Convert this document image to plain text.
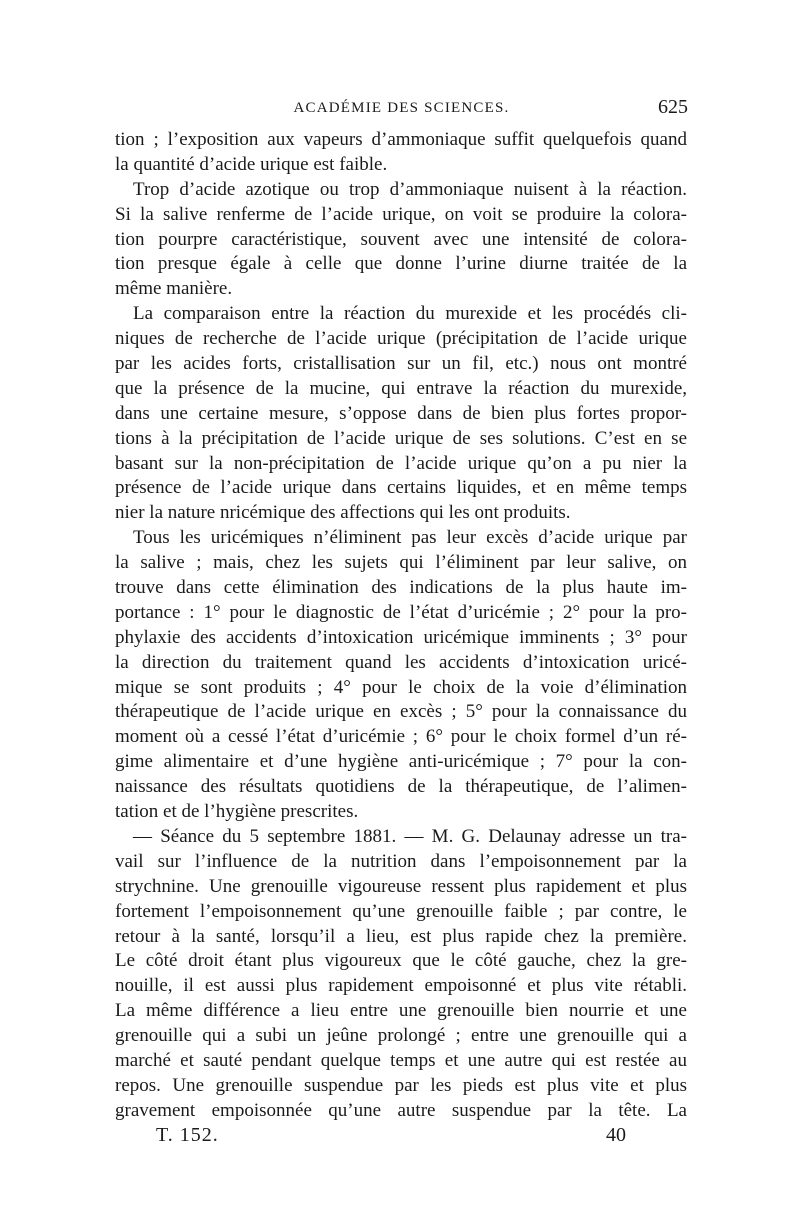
ACADÉMIE DES SCIENCES.	625
tion ; l’exposition aux vapeurs d’ammoniaque suffit quelquefois quand
la quantité d’acide urique est faible.
Trop d’acide azotique ou trop d’ammoniaque nuisent à la réaction.
Si la salive renferme de l’acide urique, on voit se produire la colora-
tion pourpre caractéristique, souvent avec une intensité de colora-
tion presque égale à celle que donne l’urine diurne traitée de la
même manière.
La comparaison entre la réaction du murexide et les procédés cli-
niques de recherche de l’acide urique (précipitation de l’acide urique
par les acides forts, cristallisation sur un fil, etc.) nous ont montré
que la présence de la mucine, qui entrave la réaction du murexide,
dans une certaine mesure, s’oppose dans de bien plus fortes propor-
tions à la précipitation de l’acide urique de ses solutions. C’est en se
basant sur la non-précipitation de l’acide urique qu’on a pu nier la
présence de l’acide urique dans certains liquides, et en même temps
nier la nature nricémique des affections qui les ont produits.
Tous les uricémiques n’éliminent pas leur excès d’acide urique par
la salive ; mais, chez les sujets qui l’éliminent par leur salive, on
trouve dans cette élimination des indications de la plus haute im-
portance : 1° pour le diagnostic de l’état d’uricémie ; 2° pour la pro-
phylaxie des accidents d’intoxication uricémique imminents ; 3° pour
la direction du traitement quand les accidents d’intoxication uricé-
mique se sont produits ; 4° pour le choix de la voie d’élimination
thérapeutique de l’acide urique en excès ; 5° pour la connaissance du
moment où a cessé l’état d’uricémie ; 6° pour le choix formel d’un ré-
gime alimentaire et d’une hygiène anti-uricémique ; 7° pour la con-
naissance des résultats quotidiens de la thérapeutique, de l’alimen-
tation et de l’hygiène prescrites.
— Séance du 5 septembre 1881. — M. G. Delaunay adresse un tra-
vail sur l’influence de la nutrition dans l’empoisonnement par la
strychnine. Une grenouille vigoureuse ressent plus rapidement et plus
fortement l’empoisonnement qu’une grenouille faible ; par contre, le
retour à la santé, lorsqu’il a lieu, est plus rapide chez la première.
Le côté droit étant plus vigoureux que le côté gauche, chez la gre-
nouille, il est aussi plus rapidement empoisonné et plus vite rétabli.
La même différence a lieu entre une grenouille bien nourrie et une
grenouille qui a subi un jeûne prolongé ; entre une grenouille qui a
marché et sauté pendant quelque temps et une autre qui est restée au
repos. Une grenouille suspendue par les pieds est plus vite et plus
gravement empoisonnée qu’une autre suspendue par la tête. La
T. 152.	40
